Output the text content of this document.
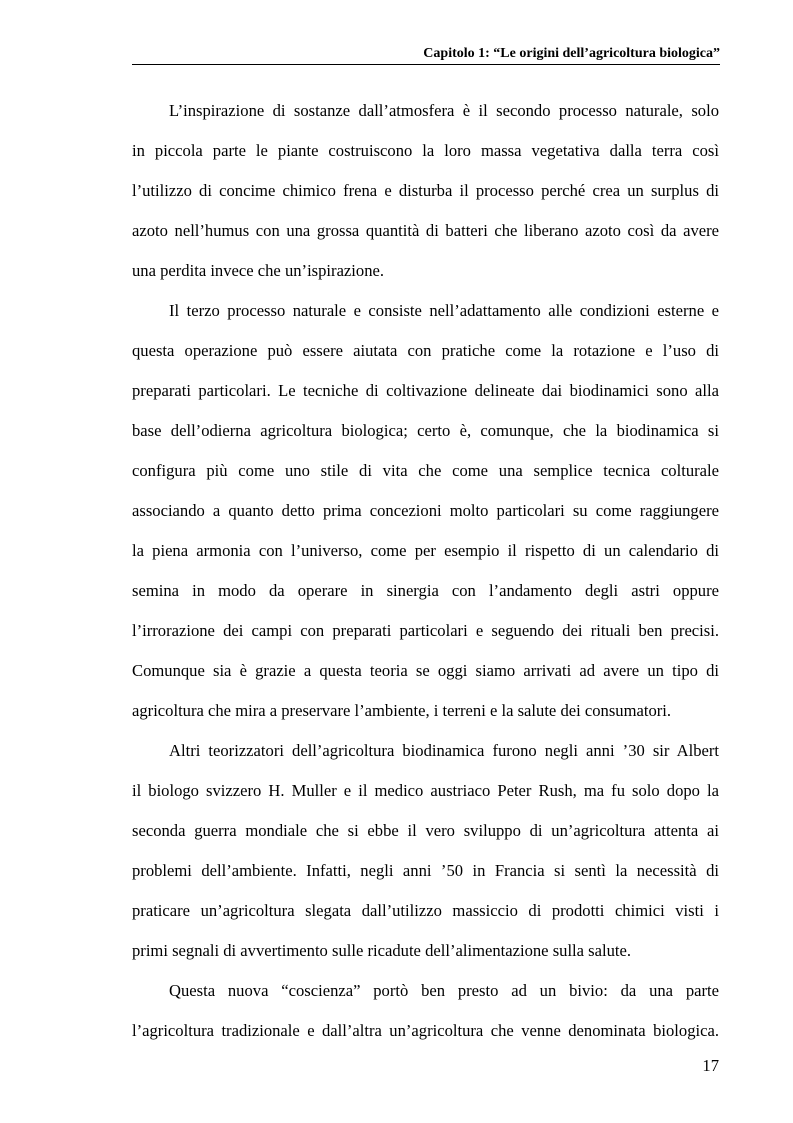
Capitolo 1: “Le origini dell’agricoltura biologica”
L’inspirazione di sostanze dall’atmosfera è il secondo processo naturale, solo
in piccola parte le piante costruiscono la loro massa vegetativa dalla terra così
l’utilizzo di concime chimico frena e disturba il processo perché crea un surplus di
azoto nell’humus con una grossa quantità di batteri che liberano azoto così da avere
una perdita invece che un’ispirazione.
Il terzo processo naturale e consiste nell’adattamento alle condizioni esterne e
questa operazione può essere aiutata con pratiche come la rotazione e l’uso di
preparati particolari. Le tecniche di coltivazione delineate dai biodinamici sono alla
base dell’odierna agricoltura biologica; certo è, comunque, che la biodinamica si
configura più come uno stile di vita che come una semplice tecnica colturale
associando a quanto detto prima concezioni molto particolari su come raggiungere
la piena armonia con l’universo, come per esempio il rispetto di un calendario di
semina in modo da operare in sinergia con l’andamento degli astri oppure
l’irrorazione dei campi con preparati particolari e seguendo dei rituali ben precisi.
Comunque sia è grazie a questa teoria se oggi siamo arrivati ad avere un tipo di
agricoltura che mira a preservare l’ambiente, i terreni e la salute dei consumatori.
Altri teorizzatori dell’agricoltura biodinamica furono negli anni ’30 sir Albert
il biologo svizzero H. Muller e il medico austriaco Peter Rush, ma fu solo dopo la
seconda guerra mondiale che si ebbe il vero sviluppo di un’agricoltura attenta ai
problemi dell’ambiente. Infatti, negli anni ’50 in Francia si sentì la necessità di
praticare un’agricoltura slegata dall’utilizzo massiccio di prodotti chimici visti i
primi segnali di avvertimento sulle ricadute dell’alimentazione sulla salute.
Questa nuova “coscienza” portò ben presto ad un bivio: da una parte
l’agricoltura tradizionale e dall’altra un’agricoltura che venne denominata biologica.
17
